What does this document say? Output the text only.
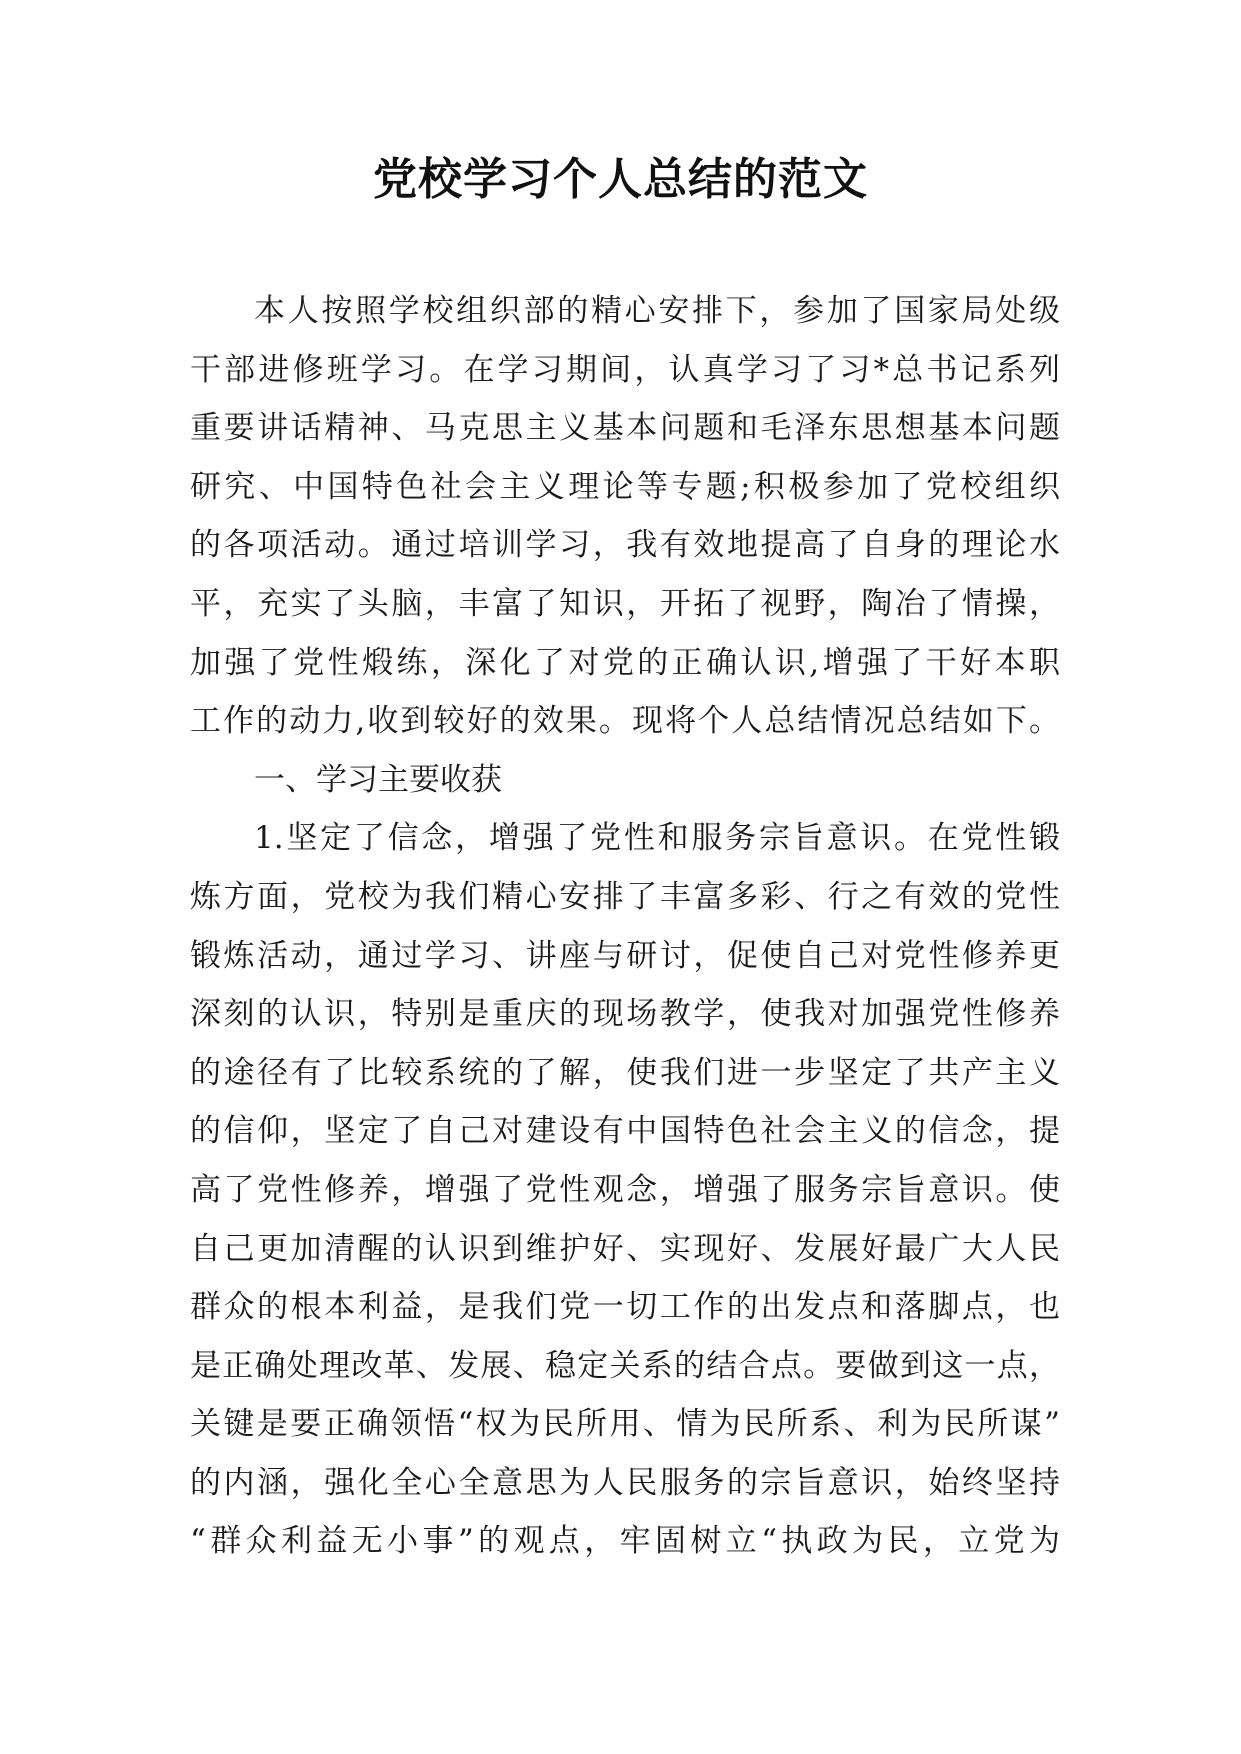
党校学习个人总结的范文
本人按照学校组织部的精心安排下，参加了国家局处级
干部进修班学习。在学习期间，认真学习了习*总书记系列
重要讲话精神、马克思主义基本问题和毛泽东思想基本问题
研究、中国特色社会主义理论等专题;积极参加了党校组织
的各项活动。通过培训学习，我有效地提高了自身的理论水
平，充实了头脑，丰富了知识，开拓了视野，陶冶了情操，
加强了党性煅练，深化了对党的正确认识,增强了干好本职
工作的动力,收到较好的效果。现将个人总结情况总结如下。
一、学习主要收获
1.坚定了信念，增强了党性和服务宗旨意识。在党性锻
炼方面，党校为我们精心安排了丰富多彩、行之有效的党性
锻炼活动，通过学习、讲座与研讨，促使自己对党性修养更
深刻的认识，特别是重庆的现场教学，使我对加强党性修养
的途径有了比较系统的了解，使我们进一步坚定了共产主义
的信仰，坚定了自己对建设有中国特色社会主义的信念，提
高了党性修养，增强了党性观念，增强了服务宗旨意识。使
自己更加清醒的认识到维护好、实现好、发展好最广大人民
群众的根本利益，是我们党一切工作的出发点和落脚点，也
是正确处理改革、发展、稳定关系的结合点。要做到这一点，
关键是要正确领悟“权为民所用、情为民所系、利为民所谋”
的内涵，强化全心全意思为人民服务的宗旨意识，始终坚持
“群众利益无小事”的观点，牢固树立“执政为民，立党为
